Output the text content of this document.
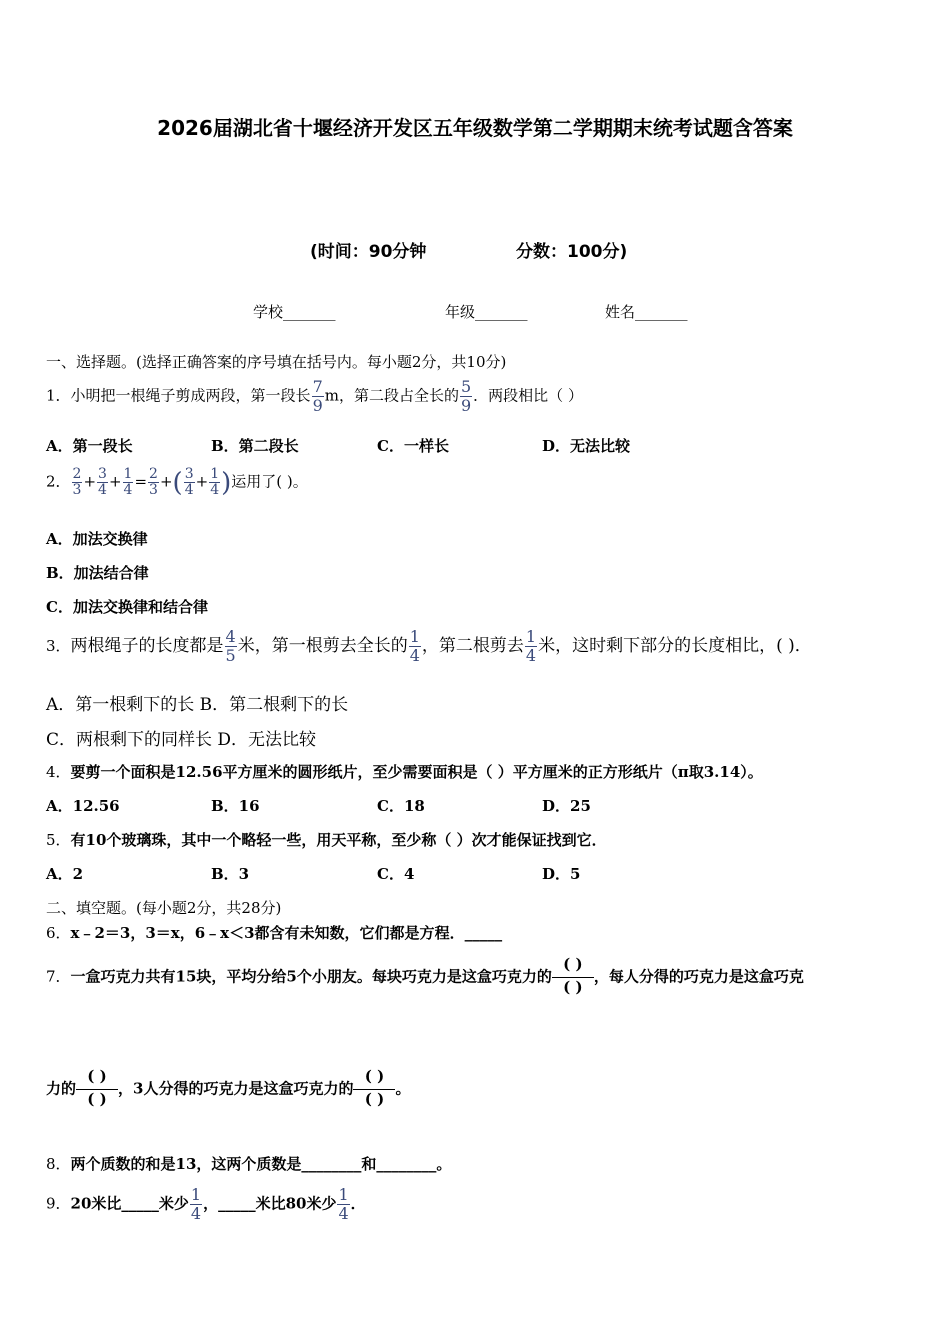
2026届湖北省十堰经济开发区五年级数学第二学期期末统考试题含答案
(时间：90分钟	分数：100分)
学校_______	年级_______	姓名_______
一、选择题。(选择正确答案的序号填在括号内。每小题2分，共10分)
1．小明把一根绳子剪成两段，第一段长 $\frac{7}{9}$ m，第二段占全长的 $\frac{5}{9}$ ．两段相比（ ）
A．第一段长	B．第二段长	C．一样长	D．无法比较
2． $\frac{2}{3} + \frac{3}{4} + \frac{1}{4} = \frac{2}{3}$ +( $\frac{3}{4} + \frac{1}{4}$ )运用了( )。
A．加法交换律
B．加法结合律
C．加法交换律和结合律
3．两根绳子的长度都是 $\frac{4}{5}$ 米，第一根剪去全长的 $\frac{1}{4}$ ，第二根剪去 $\frac{1}{4}$ 米，这时剩下部分的长度相比，( )．
A．第一根剩下的长 B．第二根剩下的长
C．两根剩下的同样长 D．无法比较
4．要剪一个面积是12.56平方厘米的圆形纸片，至少需要面积是（ ）平方厘米的正方形纸片（π取3.14）。
A．12.56	B．16	C．18	D．25
5．有10个玻璃珠，其中一个略轻一些，用天平称，至少称（ ）次才能保证找到它．
A．2	B．3	C．4	D．5
二、填空题。(每小题2分，共28分)
6．x﹣2＝3，3＝x，6﹣x＜3都含有未知数，它们都是方程．_____
7．一盒巧克力共有15块，平均分给5个小朋友。每块巧克力是这盒巧克力的
( )
( )
，每人分得的巧克力是这盒巧克
力的
( )
( )
，3人分得的巧克力是这盒巧克力的
( )
( )
。
8．两个质数的和是13，这两个质数是________和________。
9．20米比_____米少 $\frac{1}{4}$ ，_____米比80米少 $\frac{1}{4}$ ．
